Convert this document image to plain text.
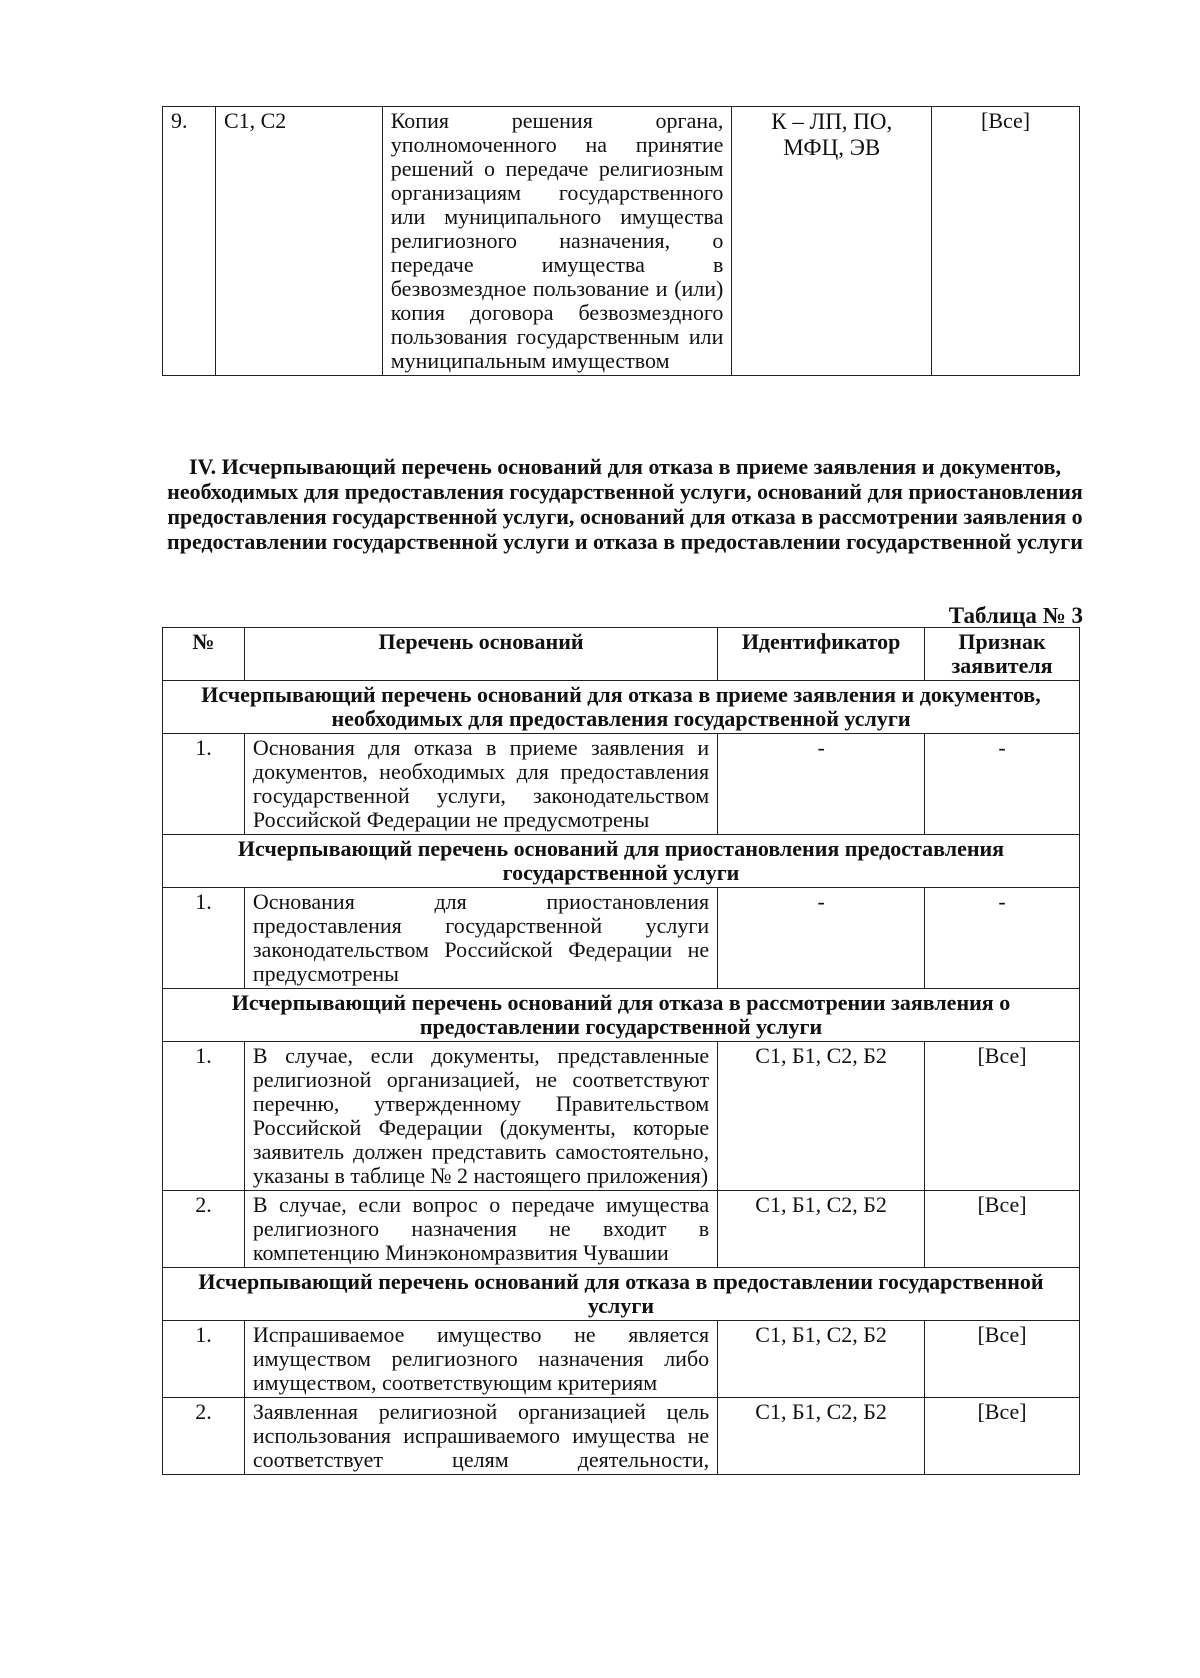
9.	С1, С2	Копия решения органа, уполномоченного на принятие решений о передаче религиозным организациям государственного или муниципального имущества религиозного назначения, о передаче имущества в безвозмездное пользование и (или) копия договора безвозмездного пользования государственным или муниципальным имуществом	К – ЛП, ПО, МФЦ, ЭВ	[Все]
IV. Исчерпывающий перечень оснований для отказа в приеме заявления и документов, необходимых для предоставления государственной услуги, оснований для приостановления предоставления государственной услуги, оснований для отказа в рассмотрении заявления о предоставлении государственной услуги и отказа в предоставлении государственной услуги
Таблица № 3
№	Перечень оснований	Идентификатор	Признак заявителя
Исчерпывающий перечень оснований для отказа в приеме заявления и документов, необходимых для предоставления государственной услуги			
1.	Основания для отказа в приеме заявления и документов, необходимых для предоставления государственной услуги, законодательством Российской Федерации не предусмотрены	-	-
Исчерпывающий перечень оснований для приостановления предоставления государственной услуги			
1.	Основания для приостановления предоставления государственной услуги законодательством Российской Федерации не предусмотрены	-	-
Исчерпывающий перечень оснований для отказа в рассмотрении заявления о предоставлении государственной услуги			
1.	В случае, если документы, представленные религиозной организацией, не соответствуют перечню, утвержденному Правительством Российской Федерации (документы, которые заявитель должен представить самостоятельно, указаны в таблице № 2 настоящего приложения)	С1, Б1, С2, Б2	[Все]
2.	В случае, если вопрос о передаче имущества религиозного назначения не входит в компетенцию Минэкономразвития Чувашии	С1, Б1, С2, Б2	[Все]
Исчерпывающий перечень оснований для отказа в предоставлении государственной услуги			
1.	Испрашиваемое имущество не является имуществом религиозного назначения либо имуществом, соответствующим критериям	С1, Б1, С2, Б2	[Все]
2.	Заявленная религиозной организацией цель использования испрашиваемого имущества не соответствует целям деятельности,	С1, Б1, С2, Б2	[Все]
